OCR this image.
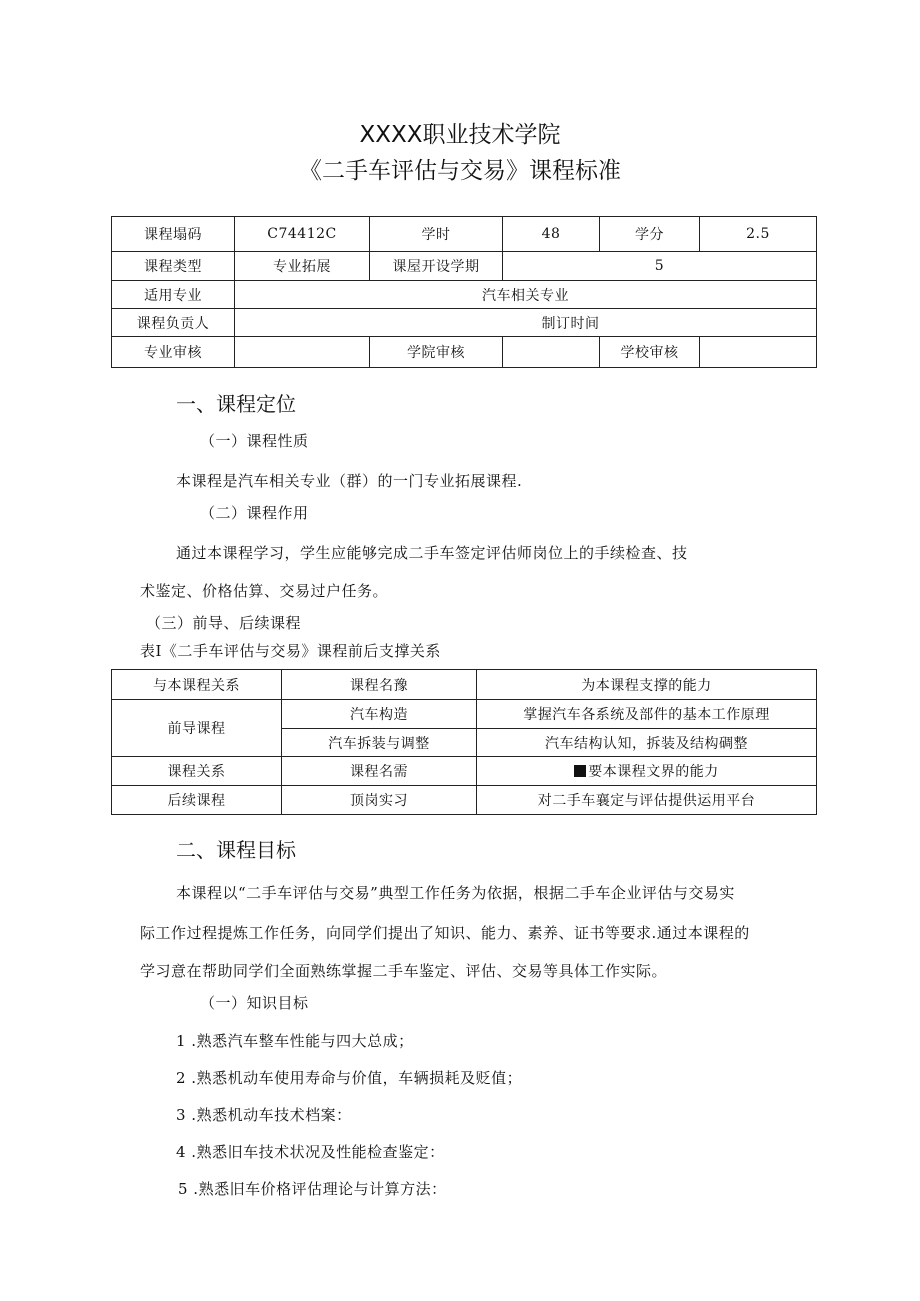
XXXX职业技术学院
《二手车评估与交易》课程标准
课程塌码	C74412C	学时	48	学分	2.5
课程类型	专业拓展	课屋开设学期	5		
适用专业	汽车相关专业				
课程负贡人	制订时间				
专业审核		学院审核		学校审核	
一、课程定位
（一）课程性质
本课程是汽车相关专业（群）的一门专业拓展课程.
（二）课程作用
通过本课程学习，学生应能够完成二手车签定评估师岗位上的手续检查、技
术鉴定、价格估算、交易过户任务。
（三）前导、后续课程
表I《二手车评估与交易》课程前后支撑关系
与本课程关系	课程名豫	为本课程支撑的能力
前导课程	汽车构造	掌握汽车各系统及部件的基本工作原理
	汽车拆装与调整	汽车结构认知，拆装及结构碉整
课程关系	课程名需	要本课程文界的能力
后续课程	顶岗实习	对二手车襄定与评估提供运用平台
二、课程目标
本课程以“二手车评估与交易”典型工作任务为依据，根据二手车企业评估与交易实
际工作过程提炼工作任务，向同学们提出了知识、能力、素养、证书等要求.通过本课程的
学习意在帮助同学们全面熟练掌握二手车鉴定、评估、交易等具体工作实际。
（一）知识目标
1 .熟悉汽车整车性能与四大总成；
2 .熟悉机动车使用寿命与价值，车辆损耗及贬值；
3 .熟悉机动车技术档案：
4 .熟悉旧车技术状况及性能检查鉴定：
5 .熟悉旧车价格评估理论与计算方法：
